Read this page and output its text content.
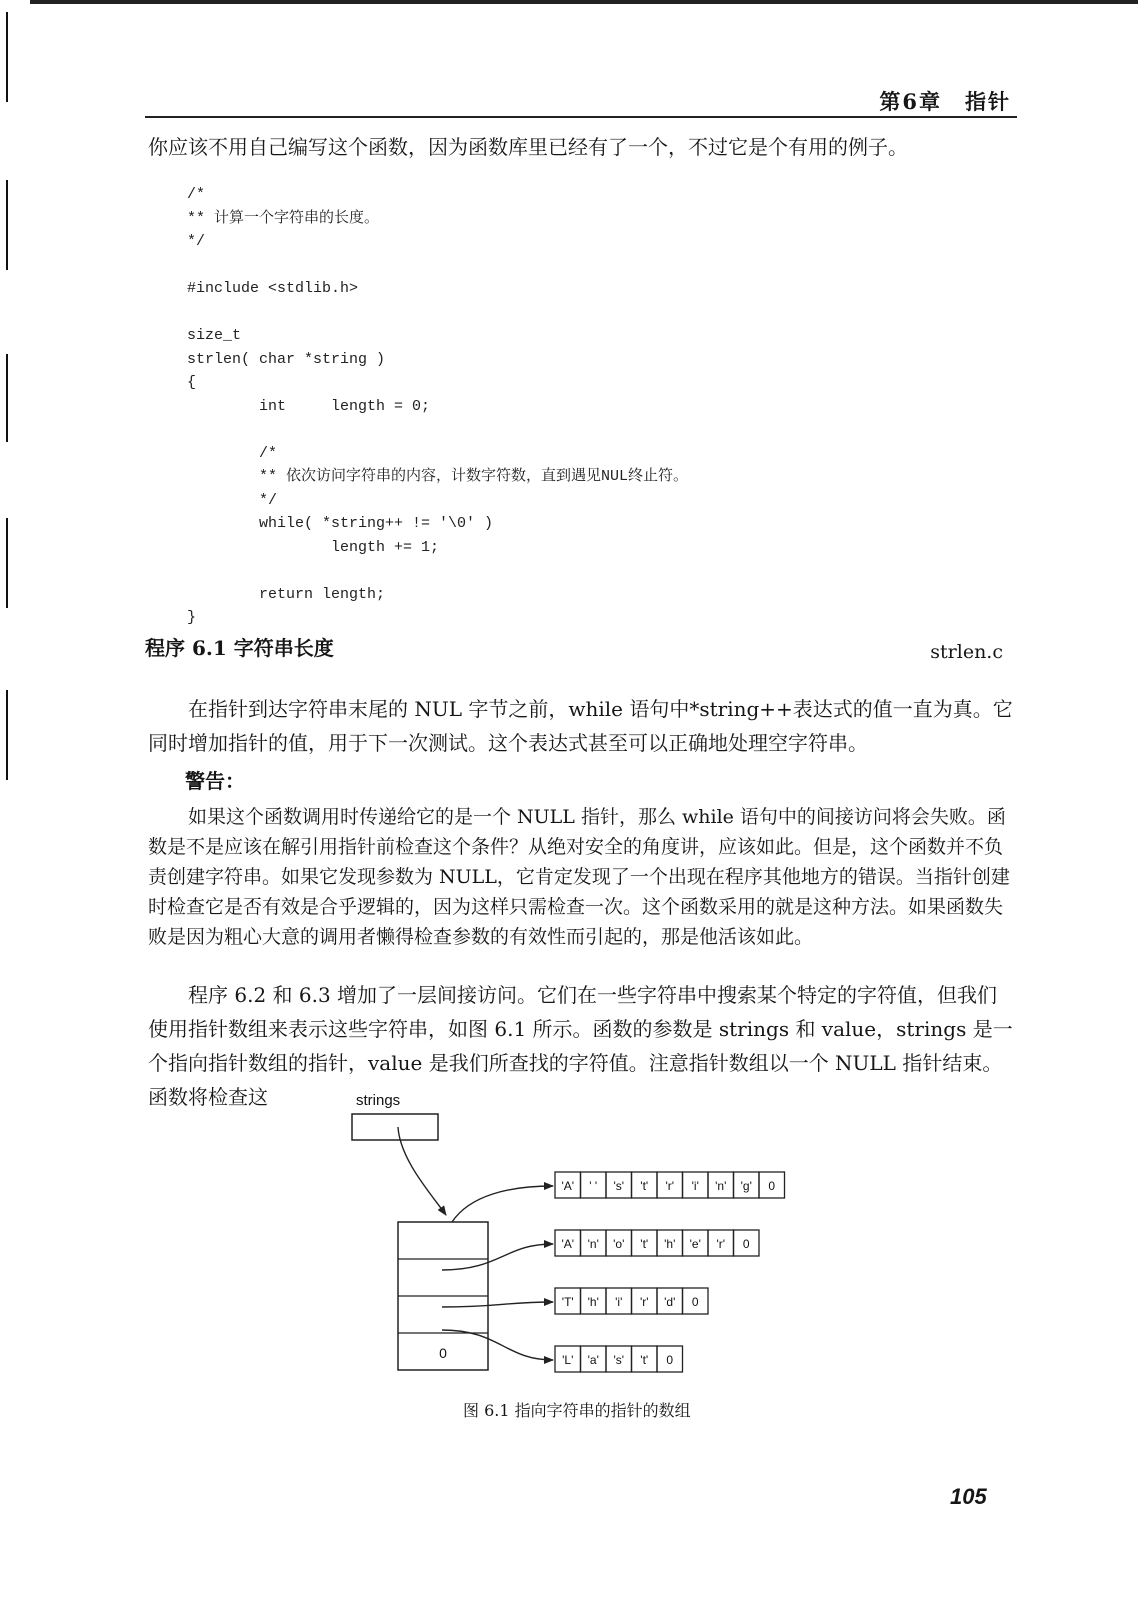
第6章　指针

你应该不用自己编写这个函数，因为函数库里已经有了一个，不过它是个有用的例子。

/*
** 计算一个字符串的长度。
*/

#include <stdlib.h>

size_t
strlen( char *string )
{
int     length = 0;

/*
** 依次访问字符串的内容，计数字符数，直到遇见NUL终止符。
*/
while( *string++ != '\0' )
length += 1;

return length;
}
程序 6.1 字符串长度	strlen.c

在指针到达字符串末尾的 NUL 字节之前，while 语句中*string++表达式的值一直为真。它同时增加指针的值，用于下一次测试。这个表达式甚至可以正确地处理空字符串。

警告：

如果这个函数调用时传递给它的是一个 NULL 指针，那么 while 语句中的间接访问将会失败。函数是不是应该在解引用指针前检查这个条件？从绝对安全的角度讲，应该如此。但是，这个函数并不负责创建字符串。如果它发现参数为 NULL，它肯定发现了一个出现在程序其他地方的错误。当指针创建时检查它是否有效是合乎逻辑的，因为这样只需检查一次。这个函数采用的就是这种方法。如果函数失败是因为粗心大意的调用者懒得检查参数的有效性而引起的，那是他活该如此。

程序 6.2 和 6.3 增加了一层间接访问。它们在一些字符串中搜索某个特定的字符值，但我们使用指针数组来表示这些字符串，如图 6.1 所示。函数的参数是 strings 和 value，strings 是一个指向指针数组的指针，value 是我们所查找的字符值。注意指针数组以一个 NULL 指针结束。函数将检查这	strings
0
'A' ' ' 's' 't' 'r' 'i' 'n' 'g' 0
'A' 'n' 'o' 't' 'h' 'e' 'r' 0
'T' 'h' 'i' 'r' 'd' 0
'L' 'a' 's' 't' 0
图 6.1 指向字符串的指针的数组
105
